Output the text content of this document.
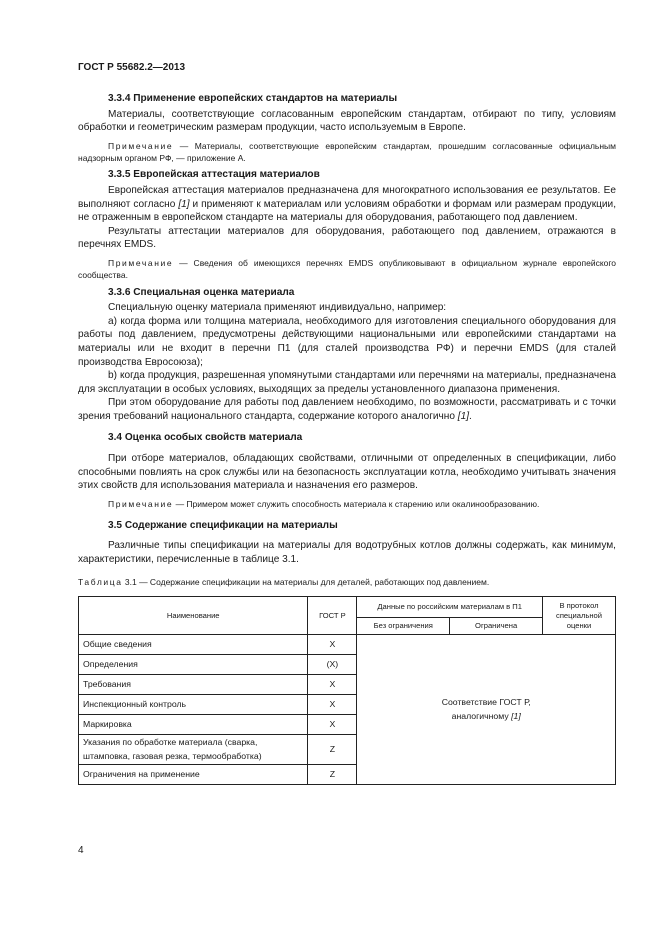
ГОСТ Р 55682.2—2013
3.3.4 Применение европейских стандартов на материалы

Материалы, соответствующие согласованным европейским стандартам, отбирают по типу, условиям обработки и геометрическим размерам продукции, часто используемым в Европе.

Примечание — Материалы, соответствующие европейским стандартам, прошедшим согласованные официальным надзорным органом РФ, — приложение А.
3.3.5 Европейская аттестация материалов

Европейская аттестация материалов предназначена для многократного использования ее результатов. Ее выполняют согласно [1] и применяют к материалам или условиям обработки и формам или размерам продукции, не отраженным в европейском стандарте на материалы для оборудования, работающего под давлением.

Результаты аттестации материалов для оборудования, работающего под давлением, отражаются в перечнях EMDS.

Примечание — Сведения об имеющихся перечнях EMDS опубликовывают в официальном журнале европейского сообщества.
3.3.6 Специальная оценка материала

Специальную оценку материала применяют индивидуально, например:

а) когда форма или толщина материала, необходимого для изготовления специального оборудования для работы под давлением, предусмотрены действующими национальными или европейскими стандартами на материалы или не входит в перечни П1 (для сталей производства РФ) и перечни EMDS (для сталей производства Евросоюза);

b) когда продукция, разрешенная упомянутыми стандартами или перечнями на материалы, предназначена для эксплуатации в особых условиях, выходящих за пределы установленного диапазона применения.

При этом оборудование для работы под давлением необходимо, по возможности, рассматривать и с точки зрения требований национального стандарта, содержание которого аналогично [1].

3.4 Оценка особых свойств материала

При отборе материалов, обладающих свойствами, отличными от определенных в спецификации, либо способными повлиять на срок службы или на безопасность эксплуатации котла, необходимо учитывать значения этих свойств для использования материала и назначения его размеров.

Примечание — Примером может служить способность материала к старению или окалинообразованию.
3.5 Содержание спецификации на материалы

Различные типы спецификации на материалы для водотрубных котлов должны содержать, как минимум, характеристики, перечисленные в таблице 3.1.

Таблица 3.1 — Содержание спецификации на материалы для деталей, работающих под давлением.
Наименование	ГОСТ Р	Данные по российским материалам в П1		В протокол специальной оценки
		Без ограничения	Ограничена	
Общие сведения	X	Соответствие ГОСТ Р,
аналогичному [1]		
Определения	(X)			
Требования	X			
Инспекционный контроль	X			
Маркировка	X			
Указания по обработке материала (сварка, штамповка, газовая резка, термообработка)	Z			
Ограничения на применение	Z			
4
